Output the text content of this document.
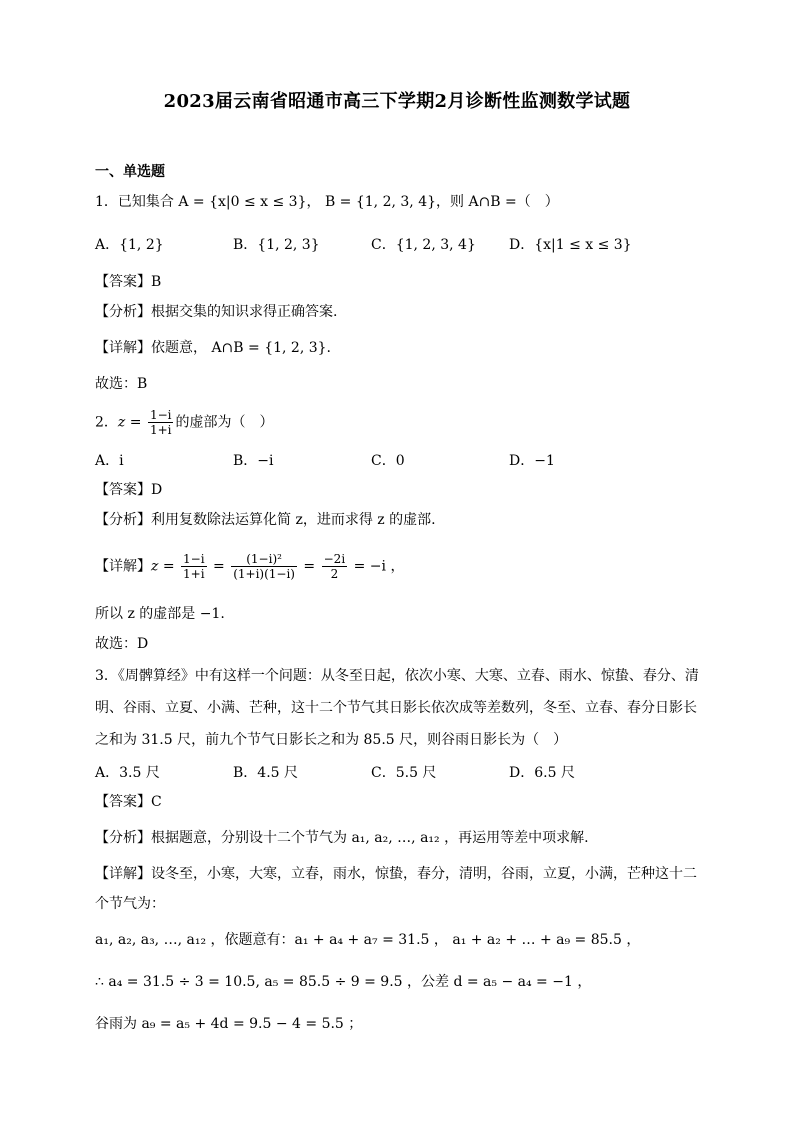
2023届云南省昭通市高三下学期2月诊断性监测数学试题
一、单选题
1．已知集合 A = {x|0 ≤ x ≤ 3}， B = {1, 2, 3, 4}，则 A∩B =（　）
A．{1, 2}	B．{1, 2, 3}	C．{1, 2, 3, 4} D．{x|1 ≤ x ≤ 3}
【答案】B
【分析】根据交集的知识求得正确答案.
【详解】依题意， A∩B = {1, 2, 3}.
故选：B
2．$z = \frac{1-i}{1+i}$ 的虚部为（　）
A．i	B．−i	C．0	D．−1
【答案】D
【分析】利用复数除法运算化简 z，进而求得 z 的虚部.
【详解】$z = \frac{1-i}{1+i} = \frac{\text{(1−i)²}}{(1+i)(1-i)} = \frac{-2i}{2} = -i$ ，
所以 z 的虚部是 −1.
故选：D
3．《周髀算经》中有这样一个问题：从冬至日起，依次小寒、大寒、立春、雨水、惊蛰、春分、清
明、谷雨、立夏、小满、芒种，这十二个节气其日影长依次成等差数列，冬至、立春、春分日影长
之和为 31.5 尺，前九个节气日影长之和为 85.5 尺，则谷雨日影长为（　）
A．3.5 尺	B．4.5 尺	C．5.5 尺	D．6.5 尺
【答案】C
【分析】根据题意，分别设十二个节气为 a₁, a₂, …, a₁₂ ，再运用等差中项求解.
【详解】设冬至，小寒，大寒，立春，雨水，惊蛰，春分，清明，谷雨，立夏，小满，芒种这十二
个节气为：
a₁, a₂, a₃, …, a₁₂ ，依题意有：a₁ + a₄ + a₇ = 31.5 ， a₁ + a₂ + … + a₉ = 85.5 ，
∴ a₄ = 31.5 ÷ 3 = 10.5, a₅ = 85.5 ÷ 9 = 9.5 ，公差 d = a₅ − a₄ = −1 ，
谷雨为 a₉ = a₅ + 4d = 9.5 − 4 = 5.5 ；
